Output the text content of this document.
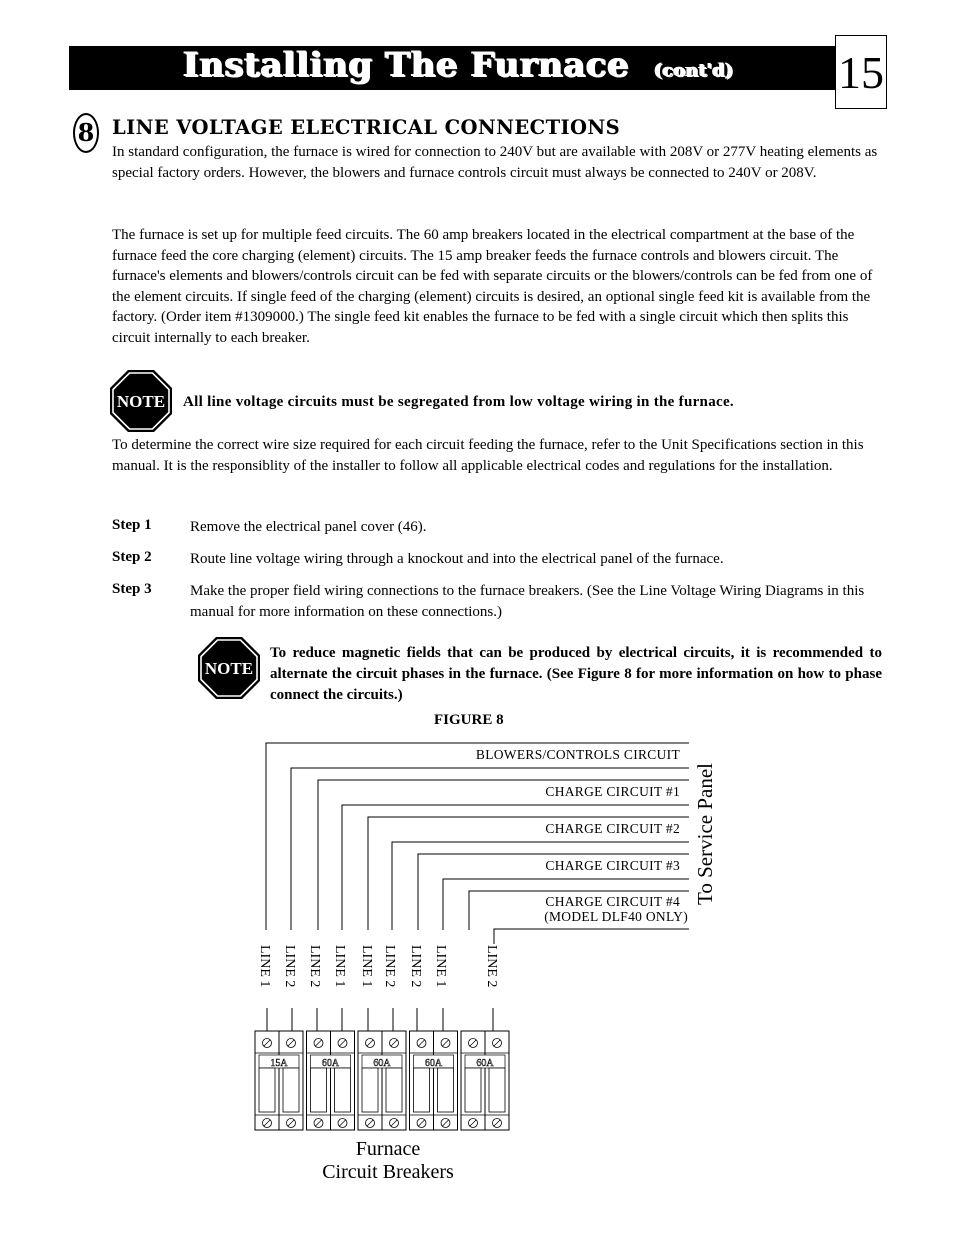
Installing The Furnace (cont'd) 15
8 LINE VOLTAGE ELECTRICAL CONNECTIONS

In standard configuration, the furnace is wired for connection to 240V but are available with 208V or 277V heating elements as special factory orders. However, the blowers and furnace controls circuit must always be connected to 240V or 208V.

The furnace is set up for multiple feed circuits. The 60 amp breakers located in the electrical compartment at the base of the furnace feed the core charging (element) circuits. The 15 amp breaker feeds the furnace controls and blowers circuit. The furnace's elements and blowers/controls circuit can be fed with separate circuits or the blowers/controls can be fed from one of the element circuits. If single feed of the charging (element) circuits is desired, an optional single feed kit is available from the factory. (Order item #1309000.) The single feed kit enables the furnace to be fed with a single circuit which then splits this circuit internally to each breaker.

NOTE All line voltage circuits must be segregated from low voltage wiring in the furnace.

To determine the correct wire size required for each circuit feeding the furnace, refer to the Unit Specifications section in this manual. It is the responsiblity of the installer to follow all applicable electrical codes and regulations for the installation.

Step 1	Remove the electrical panel cover (46).

Step 2	Route line voltage wiring through a knockout and into the electrical panel of the furnace.

Step 3	Make the proper field wiring connections to the furnace breakers. (See the Line Voltage Wiring Diagrams in this manual for more information on these connections.)

NOTE

To reduce magnetic fields that can be produced by electrical circuits, it is recommended to alternate the circuit phases in the furnace. (See Figure 8 for more information on how to phase connect the circuits.)

FIGURE 8
BLOWERS/CONTROLS CIRCUIT
CHARGE CIRCUIT #1
CHARGE CIRCUIT #2
CHARGE CIRCUIT #3
CHARGE CIRCUIT #4
(MODEL DLF40 ONLY)
To Service Panel
LINE 1 LINE 2 LINE 2 LINE 1 LINE 1 LINE 2 LINE 2 LINE 1	LINE 2
15A	60A	60A	60A	60A
Furnace
Circuit Breakers
